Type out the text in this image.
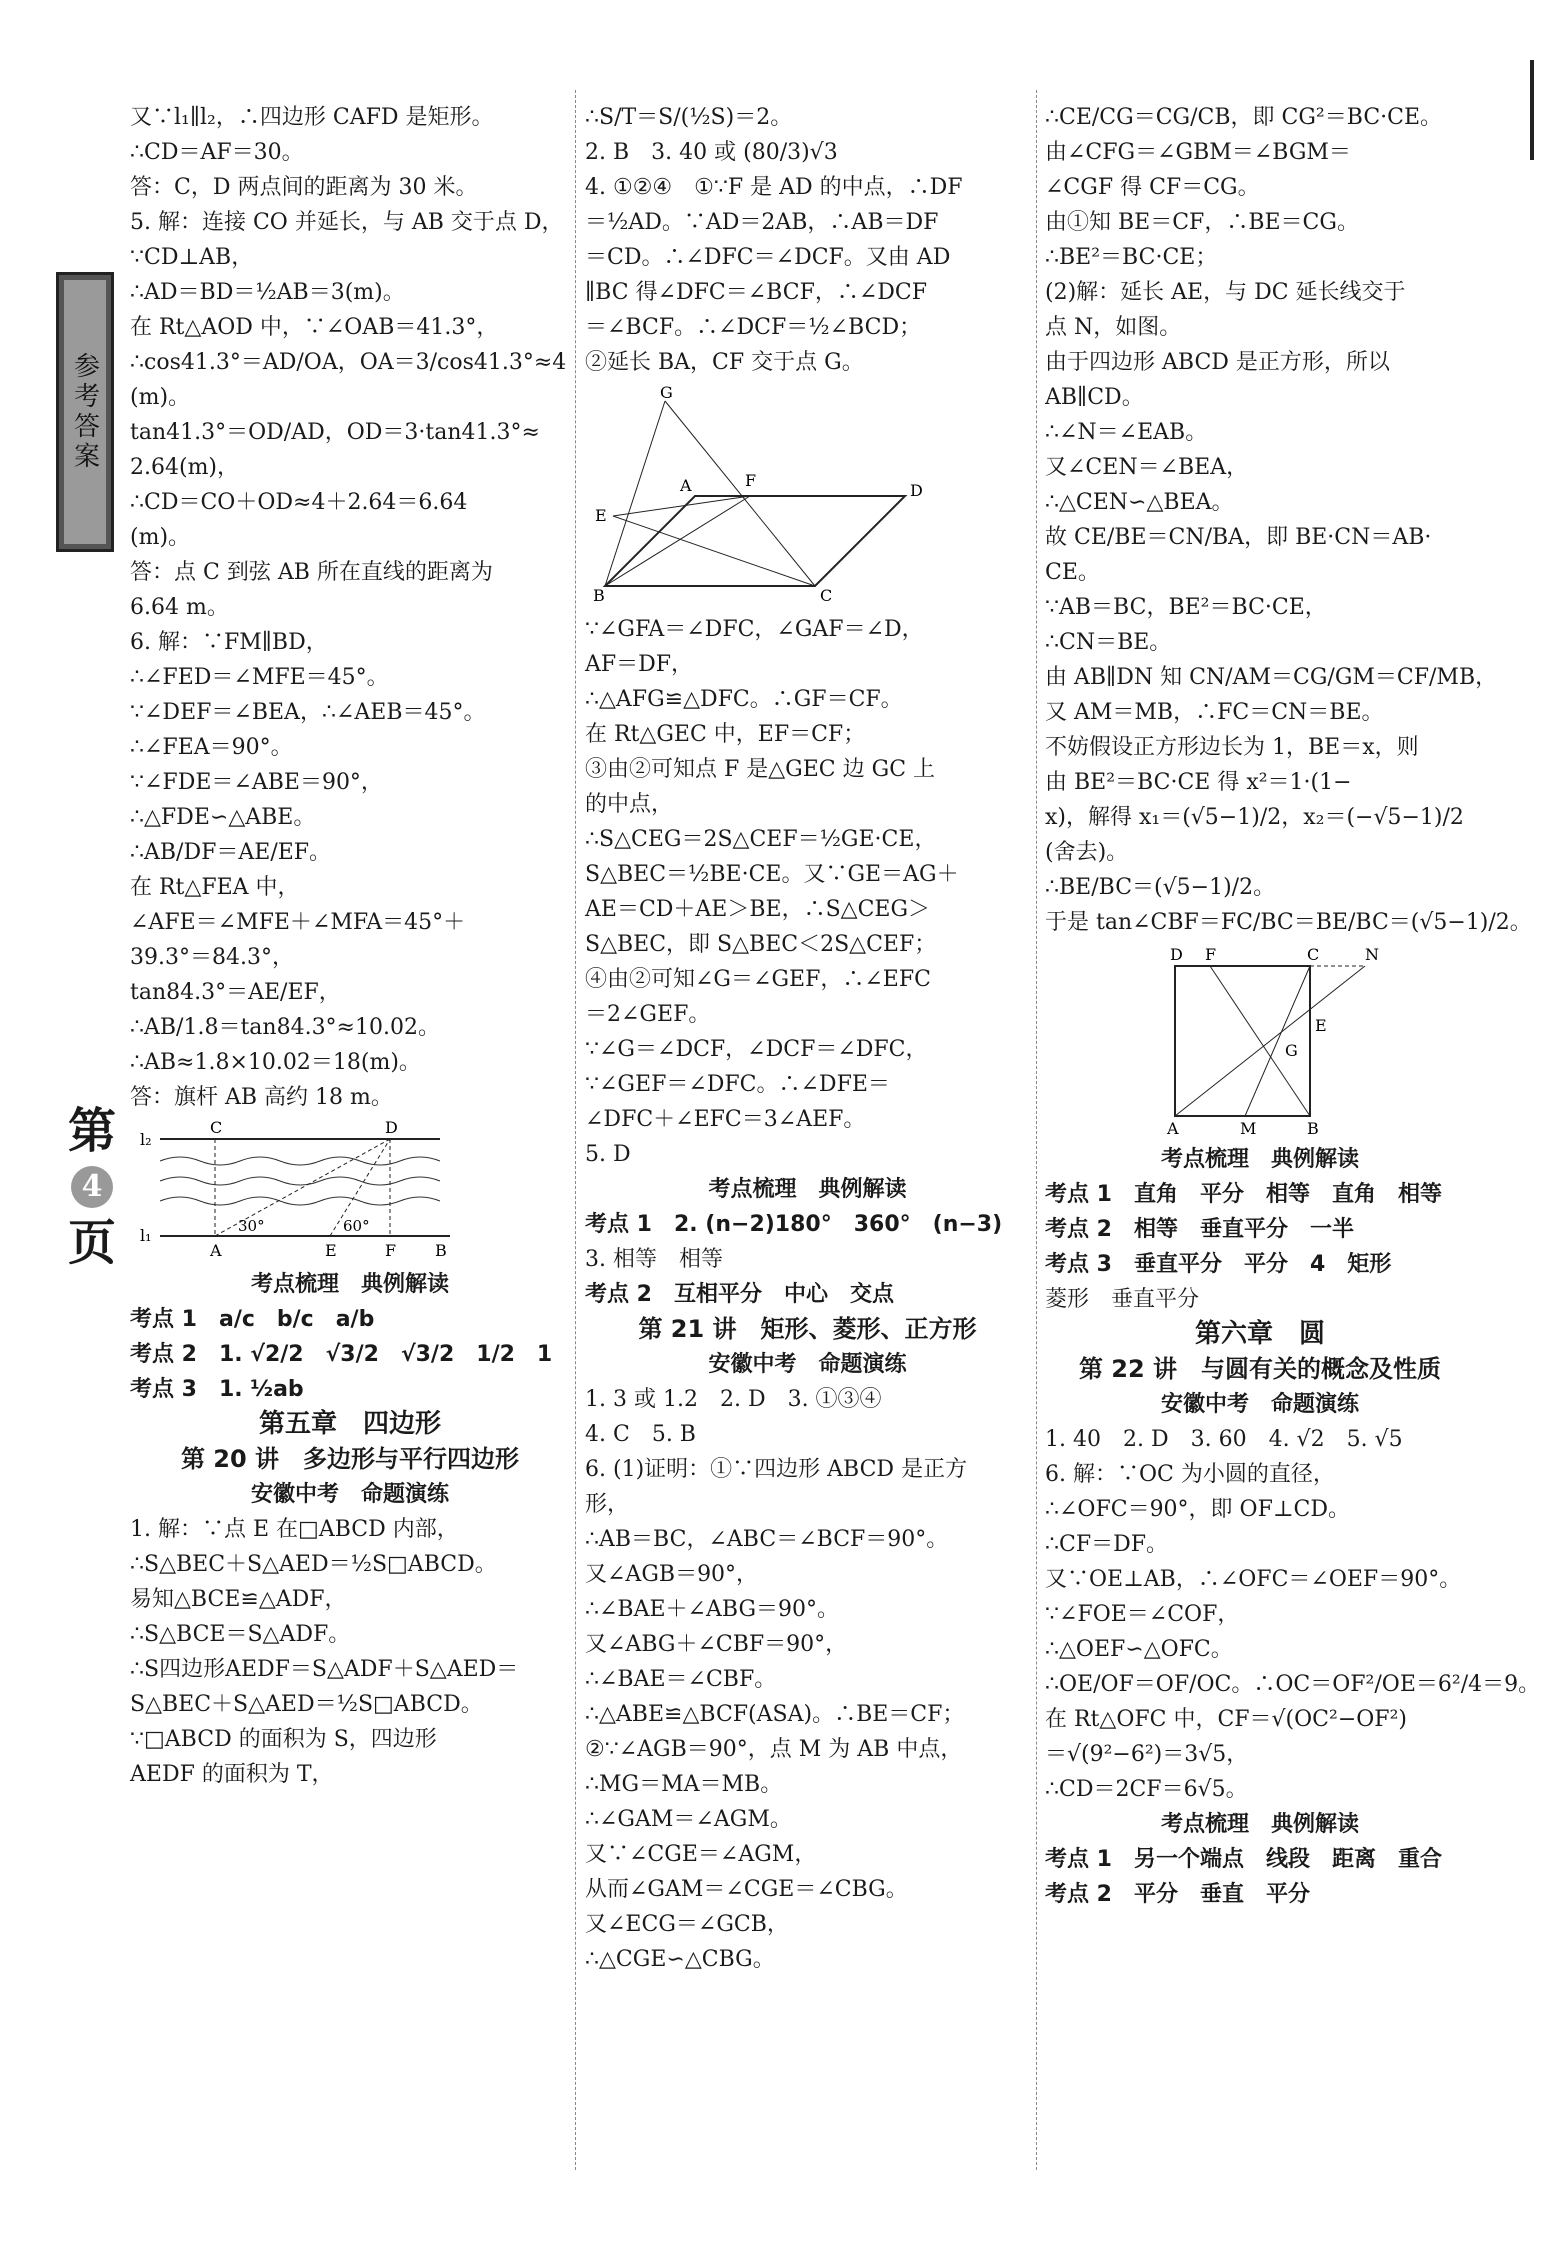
参考答案
第
4
页

又∵l₁∥l₂，∴四边形 CAFD 是矩形。

∴CD＝AF＝30。

答：C，D 两点间的距离为 30 米。

5. 解：连接 CO 并延长，与 AB 交于点 D，

∵CD⊥AB，

∴AD＝BD＝½AB＝3(m)。

在 Rt△AOD 中，∵∠OAB＝41.3°，

∴cos41.3°＝AD/OA，OA＝3/cos41.3°≈4

(m)。

tan41.3°＝OD/AD，OD＝3·tan41.3°≈

2.64(m)，

∴CD＝CO＋OD≈4＋2.64＝6.64

(m)。

答：点 C 到弦 AB 所在直线的距离为

6.64 m。

6. 解：∵FM∥BD，

∴∠FED＝∠MFE＝45°。

∵∠DEF＝∠BEA，∴∠AEB＝45°。

∴∠FEA＝90°。

∵∠FDE＝∠ABE＝90°，

∴△FDE∽△ABE。

∴AB/DF＝AE/EF。

在 Rt△FEA 中，

∠AFE＝∠MFE＋∠MFA＝45°＋

39.3°＝84.3°，

tan84.3°＝AE/EF，

∴AB/1.8＝tan84.3°≈10.02。

∴AB≈1.8×10.02＝18(m)。

答：旗杆 AB 高约 18 m。

l₂
l₁
C	D
A	E	F B
30°	60°

考点梳理　典例解读

考点 1　a/c　b/c　a/b

考点 2　1. √2/2　√3/2　√3/2　1/2　1

考点 3　1. ½ab

第五章　四边形

第 20 讲　多边形与平行四边形

安徽中考　命题演练

1. 解：∵点 E 在□ABCD 内部，

∴S△BEC＋S△AED＝½S□ABCD。

易知△BCE≌△ADF，

∴S△BCE＝S△ADF。

∴S四边形AEDF＝S△ADF＋S△AED＝

S△BEC＋S△AED＝½S□ABCD。

∵□ABCD 的面积为 S，四边形

AEDF 的面积为 T，

∴S/T＝S/(½S)＝2。

2. B　3. 40 或 (80/3)√3

4. ①②④　①∵F 是 AD 的中点，∴DF

＝½AD。∵AD＝2AB，∴AB＝DF

＝CD。∴∠DFC＝∠DCF。又由 AD

∥BC 得∠DFC＝∠BCF，∴∠DCF

＝∠BCF。∴∠DCF＝½∠BCD；

②延长 BA，CF 交于点 G。

G
A	F
D
E
B	C

∵∠GFA＝∠DFC，∠GAF＝∠D，

AF＝DF，

∴△AFG≌△DFC。∴GF＝CF。

在 Rt△GEC 中，EF＝CF；

③由②可知点 F 是△GEC 边 GC 上

的中点，

∴S△CEG＝2S△CEF＝½GE·CE，

S△BEC＝½BE·CE。又∵GE＝AG＋

AE＝CD＋AE＞BE，∴S△CEG＞

S△BEC，即 S△BEC＜2S△CEF；

④由②可知∠G＝∠GEF，∴∠EFC

＝2∠GEF。

∵∠G＝∠DCF，∠DCF＝∠DFC，

∵∠GEF＝∠DFC。∴∠DFE＝

∠DFC＋∠EFC＝3∠AEF。

5. D

考点梳理　典例解读

考点 1　2. (n−2)180°　360°　(n−3)

3. 相等　相等

考点 2　互相平分　中心　交点

第 21 讲　矩形、菱形、正方形

安徽中考　命题演练

1. 3 或 1.2　2. D　3. ①③④

4. C　5. B

6. (1)证明：①∵四边形 ABCD 是正方

形，

∴AB＝BC，∠ABC＝∠BCF＝90°。

又∠AGB＝90°，

∴∠BAE＋∠ABG＝90°。

又∠ABG＋∠CBF＝90°，

∴∠BAE＝∠CBF。

∴△ABE≌△BCF(ASA)。∴BE＝CF；

②∵∠AGB＝90°，点 M 为 AB 中点，

∴MG＝MA＝MB。

∴∠GAM＝∠AGM。

又∵∠CGE＝∠AGM，

从而∠GAM＝∠CGE＝∠CBG。

又∠ECG＝∠GCB，

∴△CGE∽△CBG。

∴CE/CG＝CG/CB，即 CG²＝BC·CE。

由∠CFG＝∠GBM＝∠BGM＝

∠CGF 得 CF＝CG。

由①知 BE＝CF，∴BE＝CG。

∴BE²＝BC·CE；

(2)解：延长 AE，与 DC 延长线交于

点 N，如图。

由于四边形 ABCD 是正方形，所以

AB∥CD。

∴∠N＝∠EAB。

又∠CEN＝∠BEA，

∴△CEN∽△BEA。

故 CE/BE＝CN/BA，即 BE·CN＝AB·

CE。

∵AB＝BC，BE²＝BC·CE，

∴CN＝BE。

由 AB∥DN 知 CN/AM＝CG/GM＝CF/MB，

又 AM＝MB，∴FC＝CN＝BE。

不妨假设正方形边长为 1，BE＝x，则

由 BE²＝BC·CE 得 x²＝1·(1−

x)，解得 x₁＝(√5−1)/2，x₂＝(−√5−1)/2

(舍去)。

∴BE/BC＝(√5−1)/2。

于是 tan∠CBF＝FC/BC＝BE/BC＝(√5−1)/2。

D F	C	N
E
G
A	M	B

考点梳理　典例解读

考点 1　直角　平分　相等　直角　相等

考点 2　相等　垂直平分　一半

考点 3　垂直平分　平分　4　矩形

菱形　垂直平分

第六章　圆

第 22 讲　与圆有关的概念及性质

安徽中考　命题演练

1. 40　2. D　3. 60　4. √2　5. √5

6. 解：∵OC 为小圆的直径，

∴∠OFC＝90°，即 OF⊥CD。

∴CF＝DF。

又∵OE⊥AB，∴∠OFC＝∠OEF＝90°。

∵∠FOE＝∠COF，

∴△OEF∽△OFC。

∴OE/OF＝OF/OC。∴OC＝OF²/OE＝6²/4＝9。

在 Rt△OFC 中，CF＝√(OC²−OF²)

＝√(9²−6²)＝3√5，

∴CD＝2CF＝6√5。

考点梳理　典例解读

考点 1　另一个端点　线段　距离　重合

考点 2　平分　垂直　平分
